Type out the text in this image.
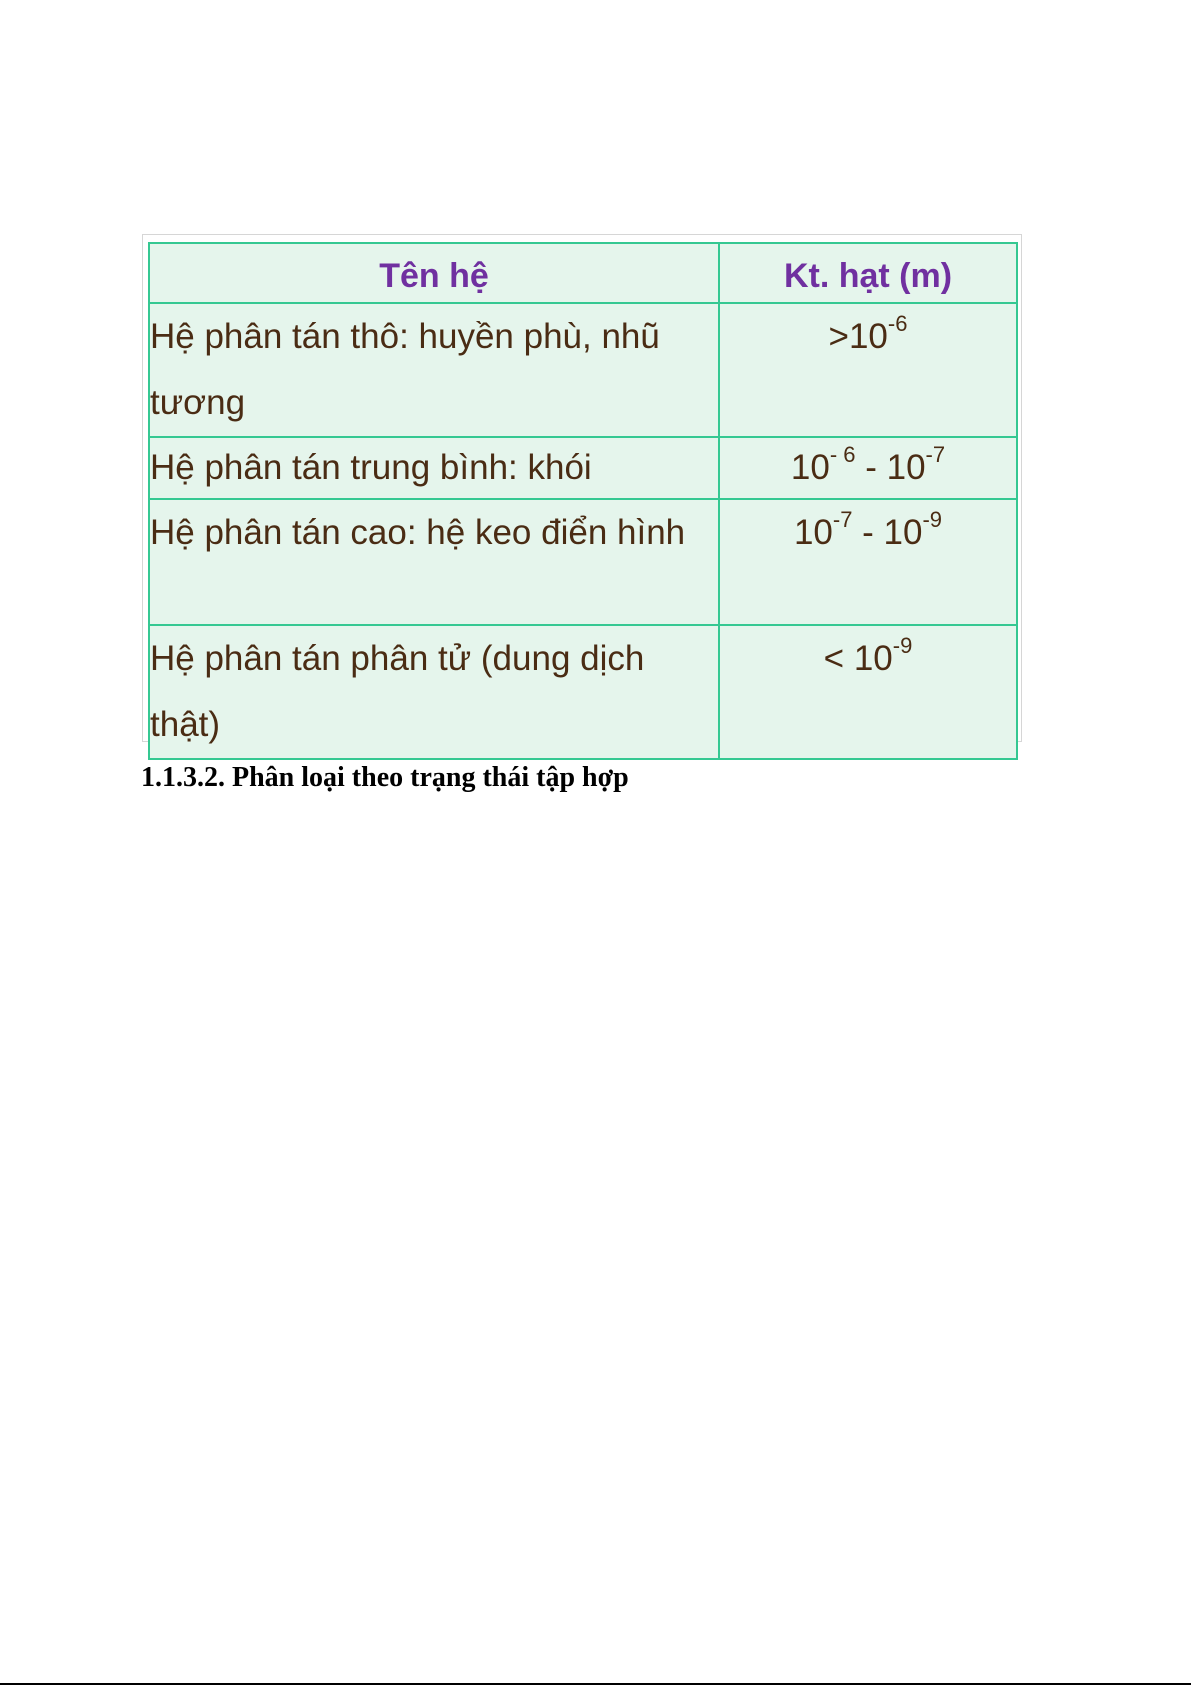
Tên hệ	Kt. hạt (m)

Hệ phân tán thô: huyền phù, nhũ tương	$>10^{-6}$
Hệ phân tán trung bình: khói	$10^{- 6} - 10^{-7}$
Hệ phân tán cao: hệ keo điển hình	$10^{-7} - 10^{-9}$
Hệ phân tán phân tử (dung dịch thật)	< $10^{-9}$
1.1.3.2. Phân loại theo trạng thái tập hợp
